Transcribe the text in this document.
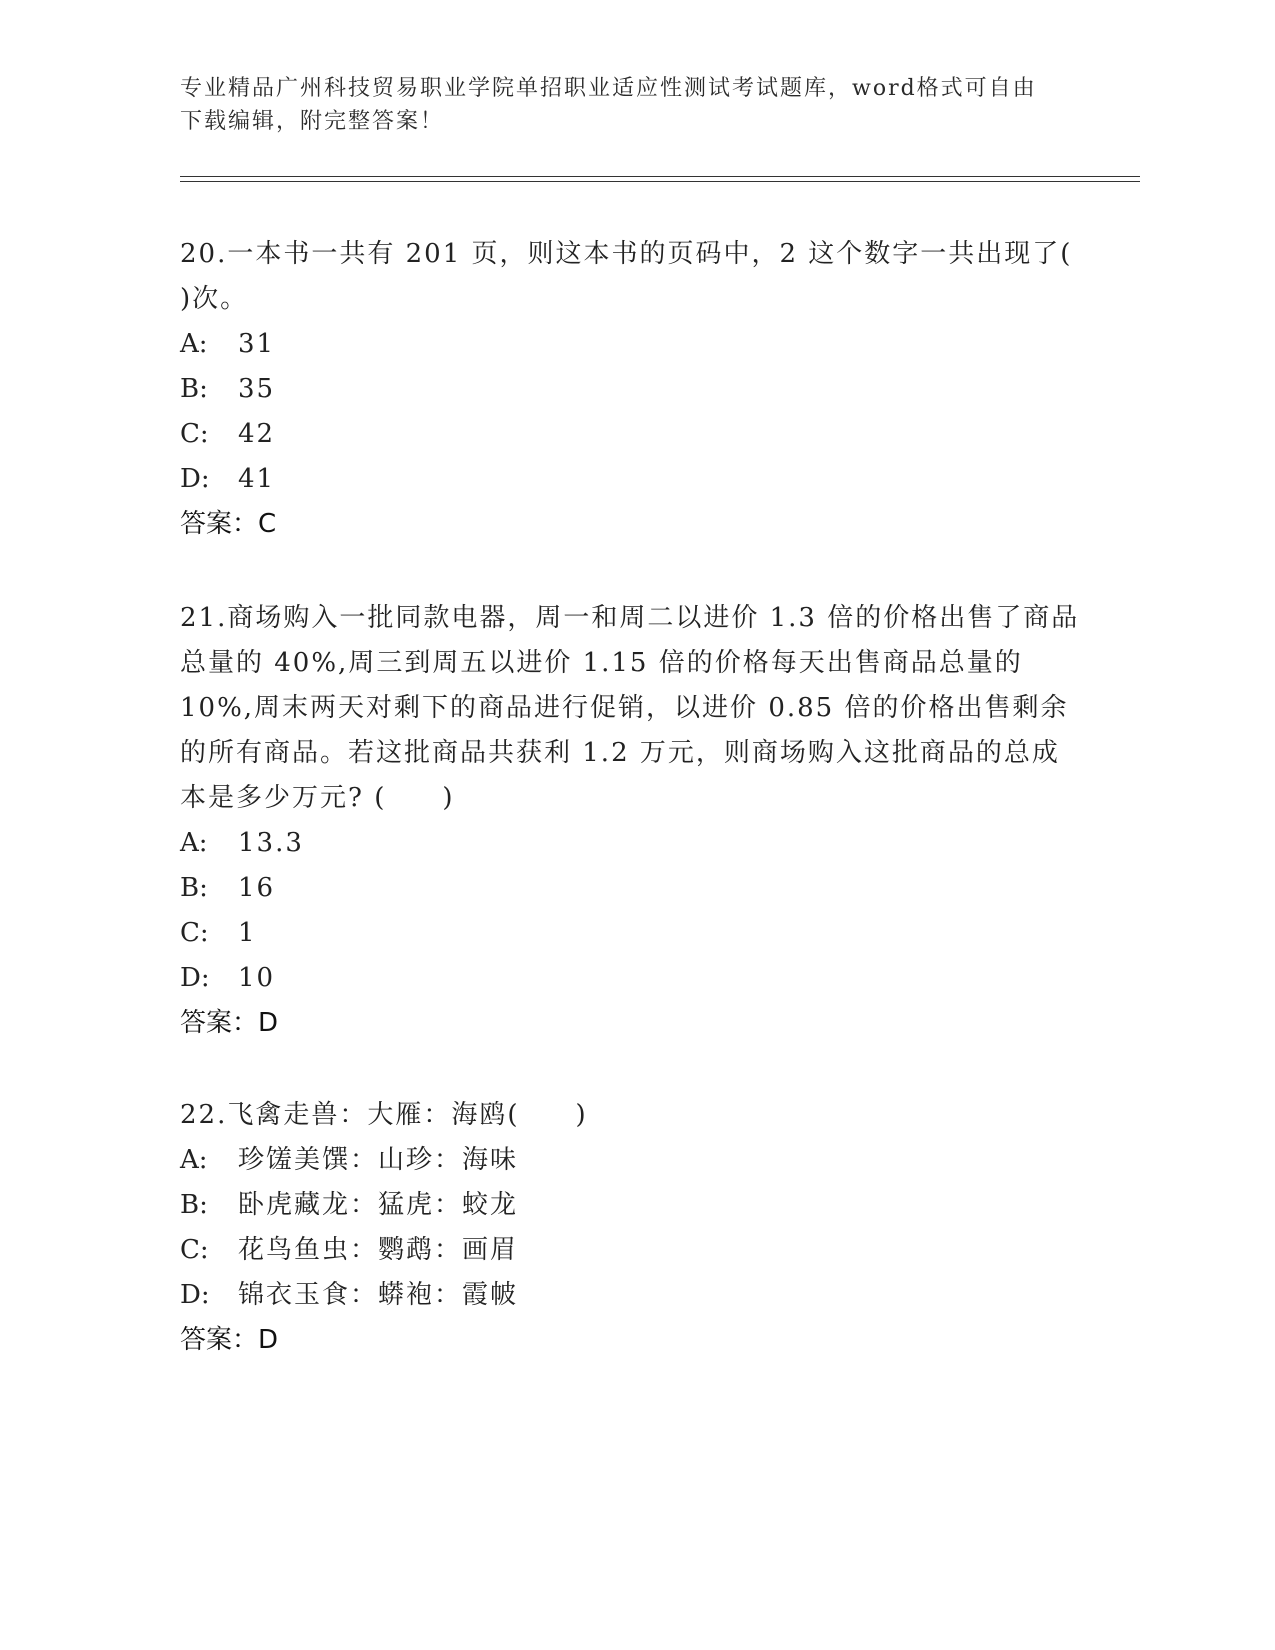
专业精品广州科技贸易职业学院单招职业适应性测试考试题库，word格式可自由下载编辑，附完整答案！
20.一本书一共有 201 页，则这本书的页码中，2 这个数字一共出现了( )次。
A:	31
B:	35
C:	42
D:	41
答案：C
21.商场购入一批同款电器，周一和周二以进价 1.3 倍的价格出售了商品总量的 40%,周三到周五以进价 1.15 倍的价格每天出售商品总量的10%,周末两天对剩下的商品进行促销，以进价 0.85 倍的价格出售剩余的所有商品。若这批商品共获利 1.2 万元，则商场购入这批商品的总成本是多少万元? (　　)
A:	13.3
B:	16
C:	1
D:	10
答案：D
22.飞禽走兽：大雁：海鸥(　　)
A:	珍馐美馔：山珍：海味
B:	卧虎藏龙：猛虎：蛟龙
C:	花鸟鱼虫：鹦鹉：画眉
D:	锦衣玉食：蟒袍：霞帔
答案：D
